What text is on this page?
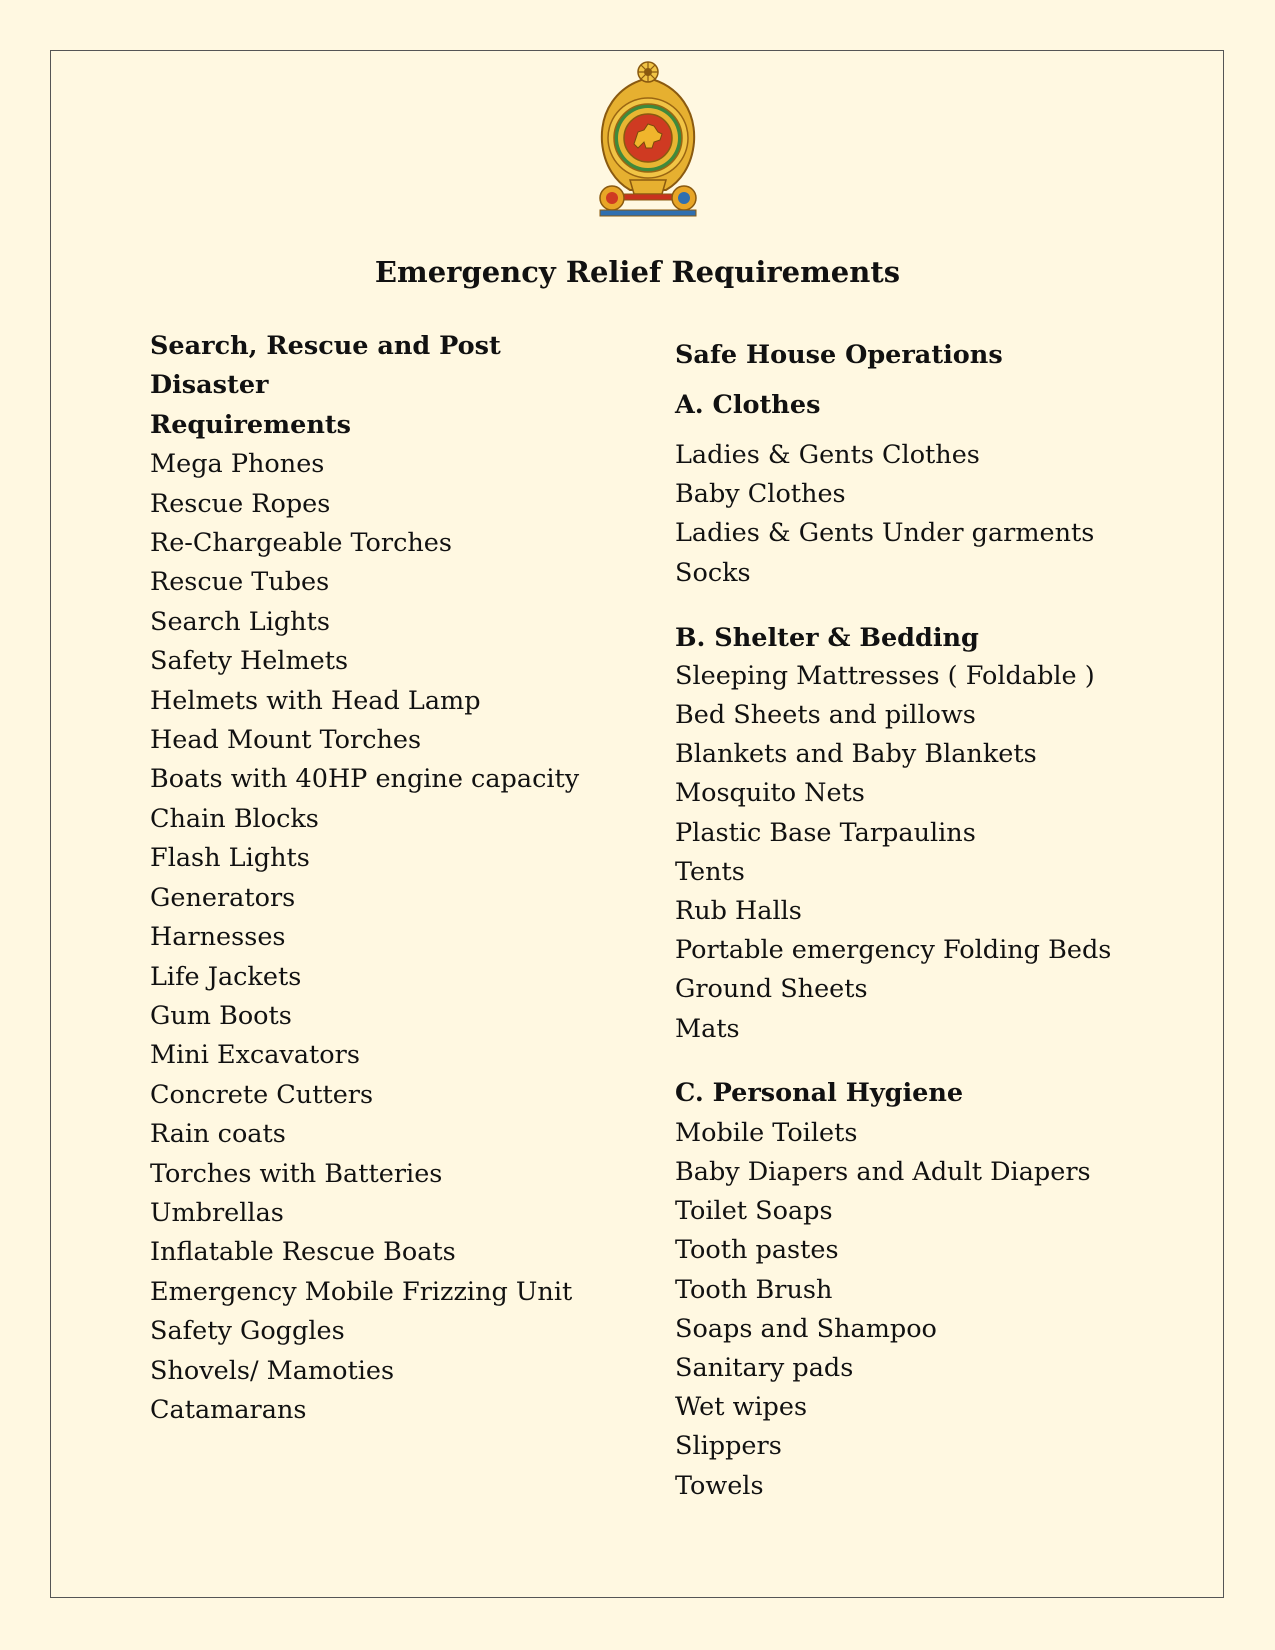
Emergency Relief Requirements
Search, Rescue and Post Disaster
Requirements
Mega Phones
Rescue Ropes
Re-Chargeable Torches
Rescue Tubes
Search Lights
Safety Helmets
Helmets with Head Lamp
Head Mount Torches
Boats with 40HP engine capacity
Chain Blocks
Flash Lights
Generators
Harnesses
Life Jackets
Gum Boots
Mini Excavators
Concrete Cutters
Rain coats
Torches with Batteries
Umbrellas
Inflatable Rescue Boats
Emergency Mobile Frizzing Unit
Safety Goggles
Shovels/ Mamoties
Catamarans
Safe House Operations
A. Clothes
Ladies & Gents Clothes
Baby Clothes
Ladies & Gents Under garments
Socks
B. Shelter & Bedding
Sleeping Mattresses ( Foldable )
Bed Sheets and pillows
Blankets and Baby Blankets
Mosquito Nets
Plastic Base Tarpaulins
Tents
Rub Halls
Portable emergency Folding Beds
Ground Sheets
Mats
C. Personal Hygiene
Mobile Toilets
Baby Diapers and Adult Diapers
Toilet Soaps
Tooth pastes
Tooth Brush
Soaps and Shampoo
Sanitary pads
Wet wipes
Slippers
Towels
